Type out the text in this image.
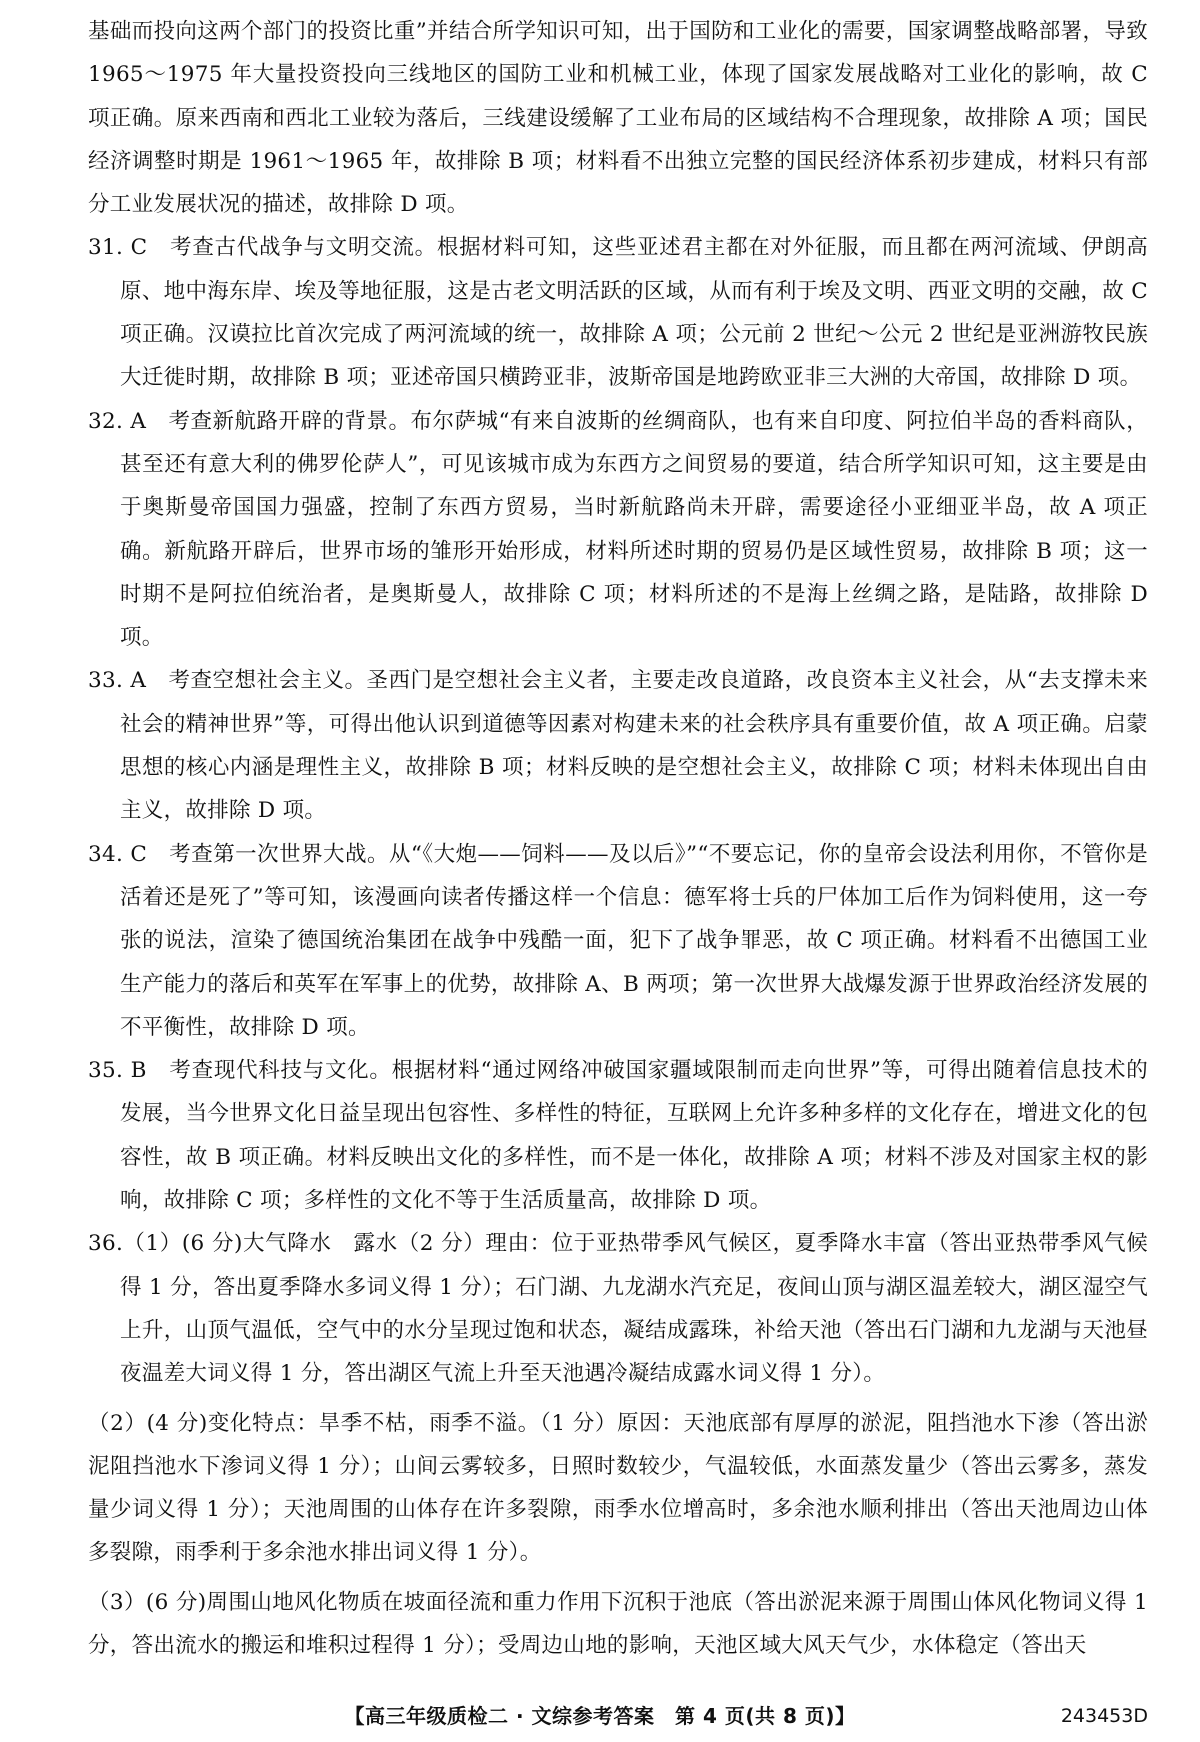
基础而投向这两个部门的投资比重”并结合所学知识可知，出于国防和工业化的需要，国家调整战略部署，导致 1965～1975 年大量投资投向三线地区的国防工业和机械工业，体现了国家发展战略对工业化的影响，故 C 项正确。原来西南和西北工业较为落后，三线建设缓解了工业布局的区域结构不合理现象，故排除 A 项；国民经济调整时期是 1961～1965 年，故排除 B 项；材料看不出独立完整的国民经济体系初步建成，材料只有部分工业发展状况的描述，故排除 D 项。

31. C　考查古代战争与文明交流。根据材料可知，这些亚述君主都在对外征服，而且都在两河流域、伊朗高原、地中海东岸、埃及等地征服，这是古老文明活跃的区域，从而有利于埃及文明、西亚文明的交融，故 C 项正确。汉谟拉比首次完成了两河流域的统一，故排除 A 项；公元前 2 世纪～公元 2 世纪是亚洲游牧民族大迁徙时期，故排除 B 项；亚述帝国只横跨亚非，波斯帝国是地跨欧亚非三大洲的大帝国，故排除 D 项。

32. A　考查新航路开辟的背景。布尔萨城“有来自波斯的丝绸商队，也有来自印度、阿拉伯半岛的香料商队，甚至还有意大利的佛罗伦萨人”，可见该城市成为东西方之间贸易的要道，结合所学知识可知，这主要是由于奥斯曼帝国国力强盛，控制了东西方贸易，当时新航路尚未开辟，需要途径小亚细亚半岛，故 A 项正确。新航路开辟后，世界市场的雏形开始形成，材料所述时期的贸易仍是区域性贸易，故排除 B 项；这一时期不是阿拉伯统治者，是奥斯曼人，故排除 C 项；材料所述的不是海上丝绸之路，是陆路，故排除 D 项。

33. A　考查空想社会主义。圣西门是空想社会主义者，主要走改良道路，改良资本主义社会，从“去支撑未来社会的精神世界”等，可得出他认识到道德等因素对构建未来的社会秩序具有重要价值，故 A 项正确。启蒙思想的核心内涵是理性主义，故排除 B 项；材料反映的是空想社会主义，故排除 C 项；材料未体现出自由主义，故排除 D 项。

34. C　考查第一次世界大战。从“《大炮——饲料——及以后》”“不要忘记，你的皇帝会设法利用你，不管你是活着还是死了”等可知，该漫画向读者传播这样一个信息：德军将士兵的尸体加工后作为饲料使用，这一夸张的说法，渲染了德国统治集团在战争中残酷一面，犯下了战争罪恶，故 C 项正确。材料看不出德国工业生产能力的落后和英军在军事上的优势，故排除 A、B 两项；第一次世界大战爆发源于世界政治经济发展的不平衡性，故排除 D 项。

35. B　考查现代科技与文化。根据材料“通过网络冲破国家疆域限制而走向世界”等，可得出随着信息技术的发展，当今世界文化日益呈现出包容性、多样性的特征，互联网上允许多种多样的文化存在，增进文化的包容性，故 B 项正确。材料反映出文化的多样性，而不是一体化，故排除 A 项；材料不涉及对国家主权的影响，故排除 C 项；多样性的文化不等于生活质量高，故排除 D 项。

36.（1）(6 分)大气降水　露水（2 分）理由：位于亚热带季风气候区，夏季降水丰富（答出亚热带季风气候得 1 分，答出夏季降水多词义得 1 分）；石门湖、九龙湖水汽充足，夜间山顶与湖区温差较大，湖区湿空气上升，山顶气温低，空气中的水分呈现过饱和状态，凝结成露珠，补给天池（答出石门湖和九龙湖与天池昼夜温差大词义得 1 分，答出湖区气流上升至天池遇冷凝结成露水词义得 1 分）。

（2）(4 分)变化特点：旱季不枯，雨季不溢。（1 分）原因：天池底部有厚厚的淤泥，阻挡池水下渗（答出淤泥阻挡池水下渗词义得 1 分）；山间云雾较多，日照时数较少，气温较低，水面蒸发量少（答出云雾多，蒸发量少词义得 1 分）；天池周围的山体存在许多裂隙，雨季水位增高时，多余池水顺利排出（答出天池周边山体多裂隙，雨季利于多余池水排出词义得 1 分）。

（3）(6 分)周围山地风化物质在坡面径流和重力作用下沉积于池底（答出淤泥来源于周围山体风化物词义得 1 分，答出流水的搬运和堆积过程得 1 分）；受周边山地的影响，天池区域大风天气少，水体稳定（答出天

【高三年级质检二 · 文综参考答案　第 4 页(共 8 页)】	243453D
